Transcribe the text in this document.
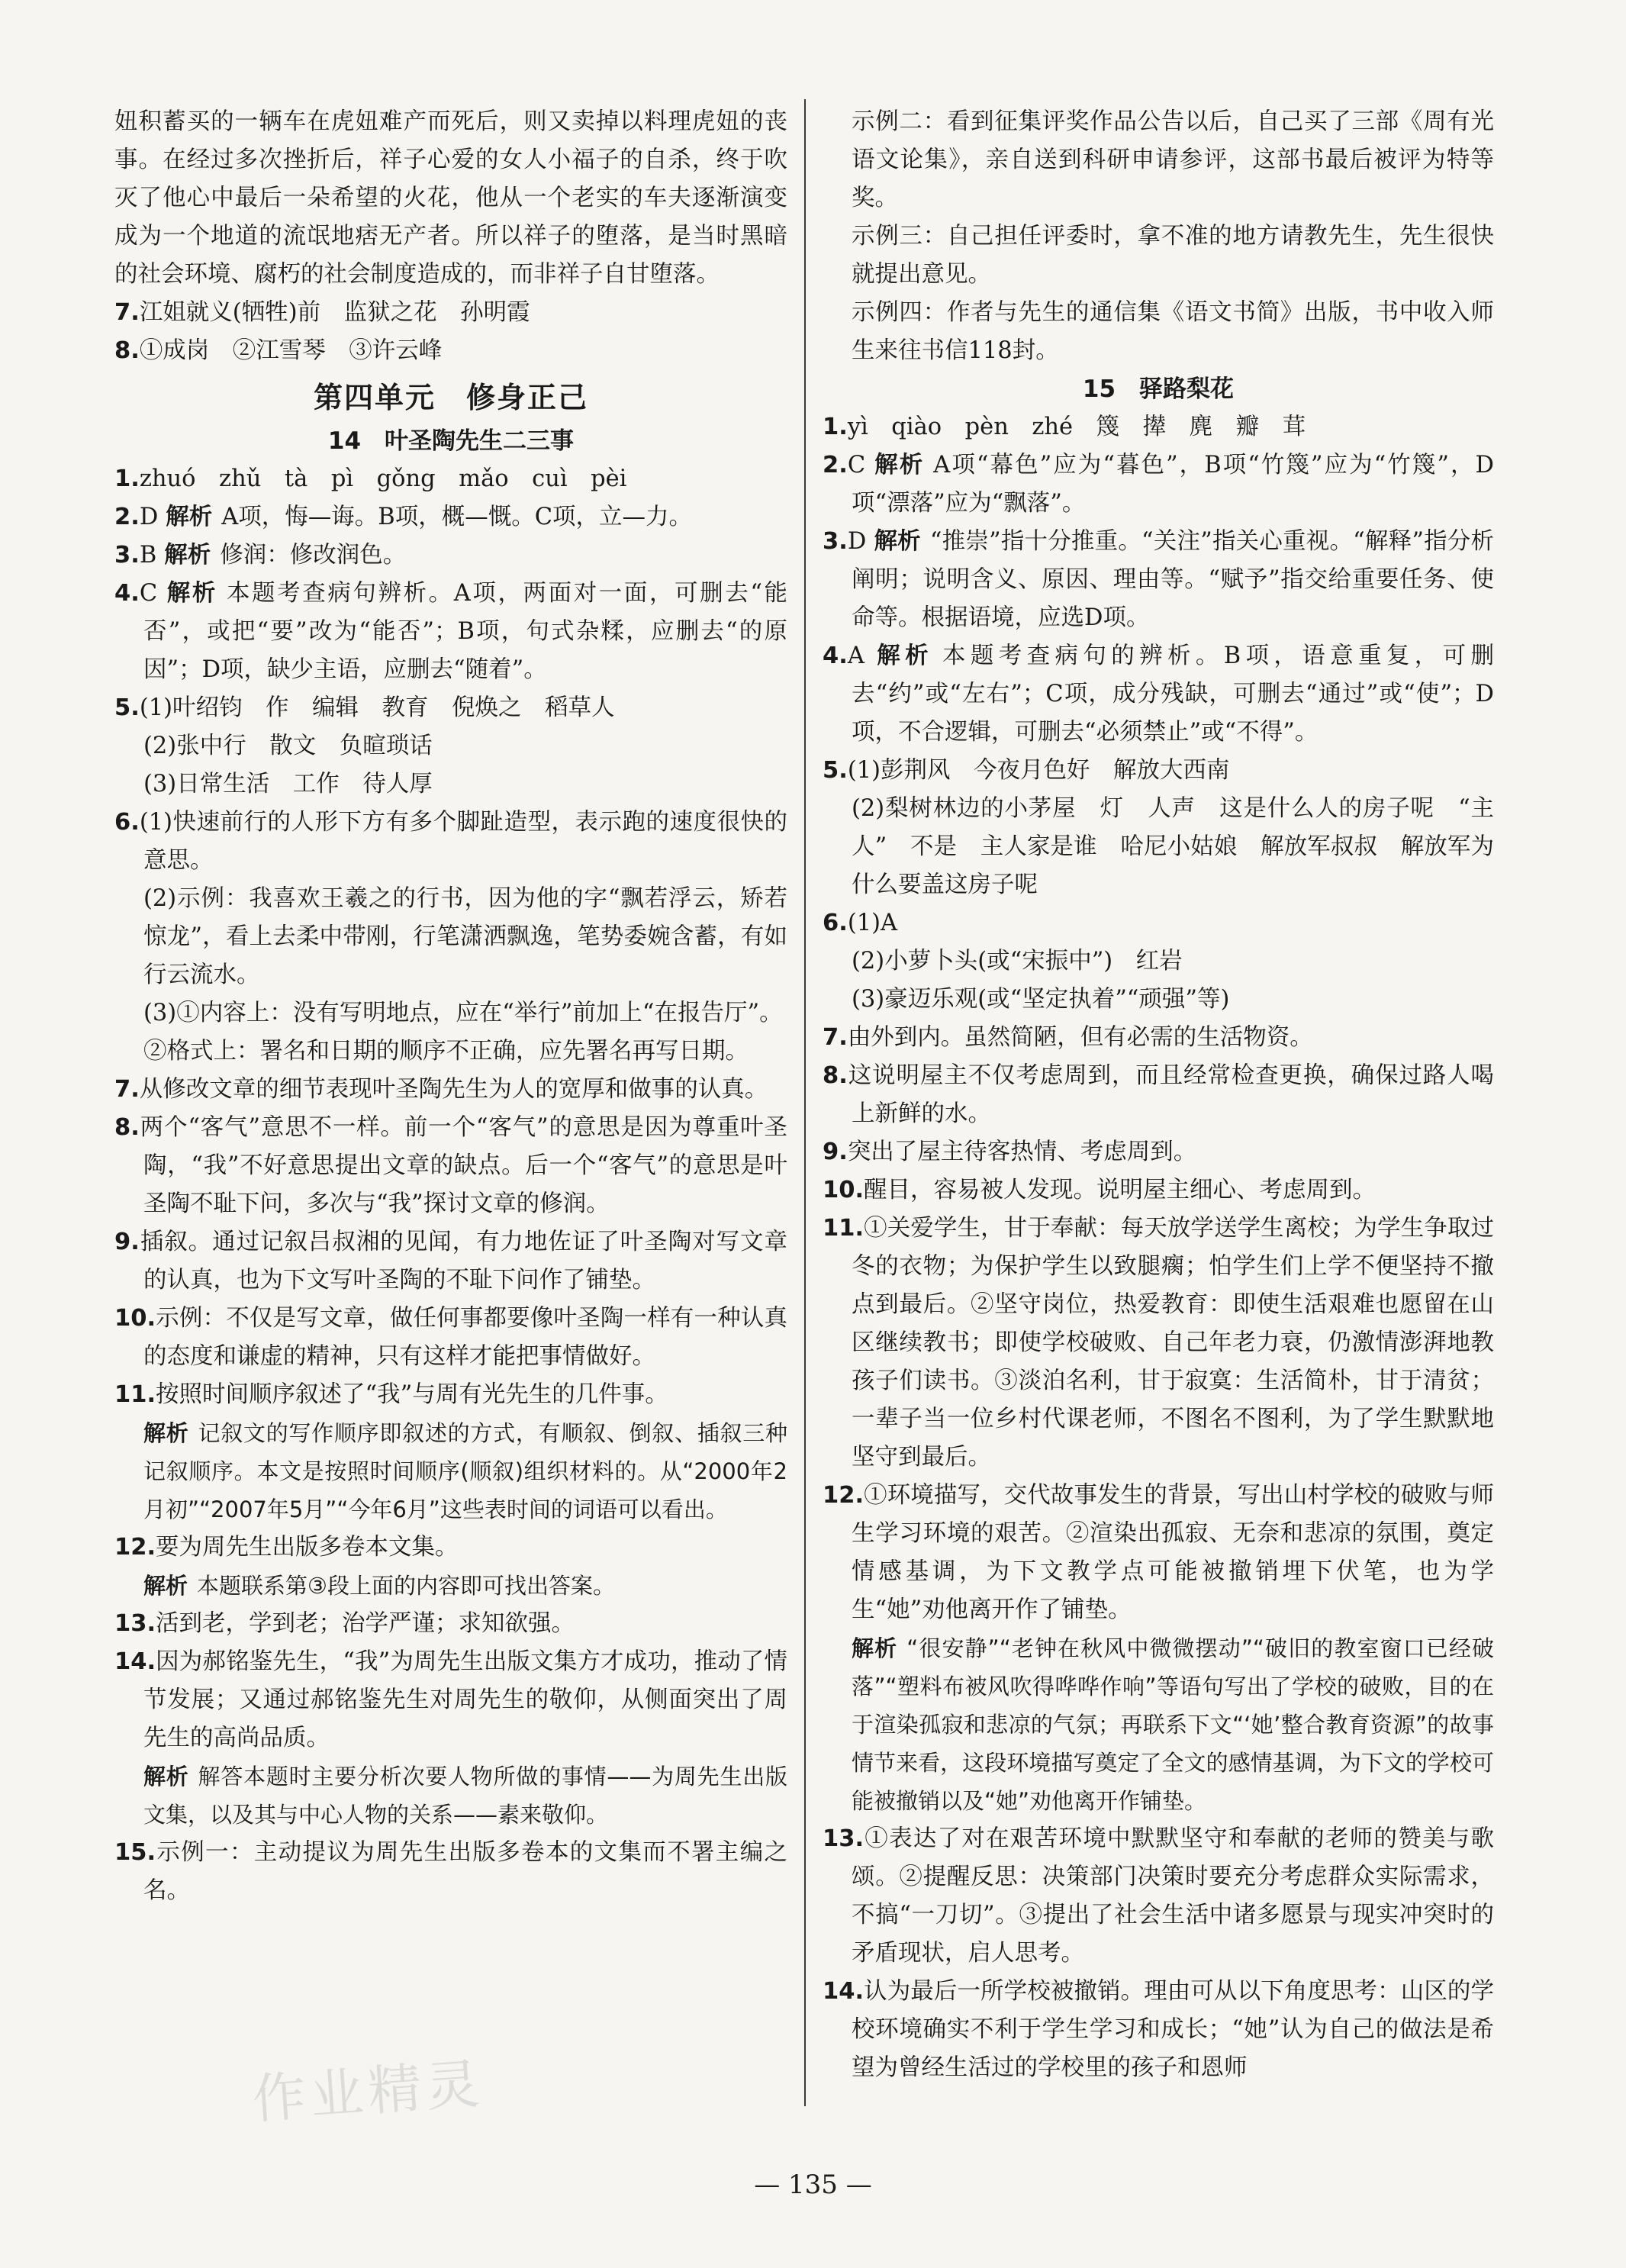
妞积蓄买的一辆车在虎妞难产而死后，则又卖掉以料理虎妞的丧事。在经过多次挫折后，祥子心爱的女人小福子的自杀，终于吹灭了他心中最后一朵希望的火花，他从一个老实的车夫逐渐演变成为一个地道的流氓地痞无产者。所以祥子的堕落，是当时黑暗的社会环境、腐朽的社会制度造成的，而非祥子自甘堕落。

7.江姐就义(牺牲)前　监狱之花　孙明霞

8.①成岗　②江雪琴　③许云峰

第四单元　修身正己

14　叶圣陶先生二三事

1.zhuó　zhǔ　tà　pì　gǒng　mǎo　cuì　pèi

2.D 解析 A项，悔—诲。B项，概—慨。C项，立—力。

3.B 解析 修润：修改润色。

4.C 解析 本题考查病句辨析。A项，两面对一面，可删去“能否”，或把“要”改为“能否”；B项，句式杂糅，应删去“的原因”；D项，缺少主语，应删去“随着”。

5.(1)叶绍钧　作　编辑　教育　倪焕之　稻草人

(2)张中行　散文　负暄琐话

(3)日常生活　工作　待人厚

6.(1)快速前行的人形下方有多个脚趾造型，表示跑的速度很快的意思。

(2)示例：我喜欢王羲之的行书，因为他的字“飘若浮云，矫若惊龙”，看上去柔中带刚，行笔潇洒飘逸，笔势委婉含蓄，有如行云流水。

(3)①内容上：没有写明地点，应在“举行”前加上“在报告厅”。

②格式上：署名和日期的顺序不正确，应先署名再写日期。

7.从修改文章的细节表现叶圣陶先生为人的宽厚和做事的认真。

8.两个“客气”意思不一样。前一个“客气”的意思是因为尊重叶圣陶，“我”不好意思提出文章的缺点。后一个“客气”的意思是叶圣陶不耻下问，多次与“我”探讨文章的修润。

9.插叙。通过记叙吕叔湘的见闻，有力地佐证了叶圣陶对写文章的认真，也为下文写叶圣陶的不耻下问作了铺垫。

10.示例：不仅是写文章，做任何事都要像叶圣陶一样有一种认真的态度和谦虚的精神，只有这样才能把事情做好。

11.按照时间顺序叙述了“我”与周有光先生的几件事。

解析 记叙文的写作顺序即叙述的方式，有顺叙、倒叙、插叙三种记叙顺序。本文是按照时间顺序(顺叙)组织材料的。从“2000年2月初”“2007年5月”“今年6月”这些表时间的词语可以看出。

12.要为周先生出版多卷本文集。

解析 本题联系第③段上面的内容即可找出答案。

13.活到老，学到老；治学严谨；求知欲强。

14.因为郝铭鉴先生，“我”为周先生出版文集方才成功，推动了情节发展；又通过郝铭鉴先生对周先生的敬仰，从侧面突出了周先生的高尚品质。

解析 解答本题时主要分析次要人物所做的事情——为周先生出版文集，以及其与中心人物的关系——素来敬仰。

15.示例一：主动提议为周先生出版多卷本的文集而不署主编之名。

示例二：看到征集评奖作品公告以后，自己买了三部《周有光语文论集》，亲自送到科研申请参评，这部书最后被评为特等奖。

示例三：自己担任评委时，拿不准的地方请教先生，先生很快就提出意见。

示例四：作者与先生的通信集《语文书简》出版，书中收入师生来往书信118封。

15　驿路梨花

1.yì　qiào　pèn　zhé　篾　撵　麂　瓣　茸

2.C 解析 A项“幕色”应为“暮色”，B项“竹篾”应为“竹篾”，D项“漂落”应为“飘落”。

3.D 解析 “推崇”指十分推重。“关注”指关心重视。“解释”指分析阐明；说明含义、原因、理由等。“赋予”指交给重要任务、使命等。根据语境，应选D项。

4.A 解析 本题考查病句的辨析。B项，语意重复，可删去“约”或“左右”；C项，成分残缺，可删去“通过”或“使”；D项，不合逻辑，可删去“必须禁止”或“不得”。

5.(1)彭荆风　今夜月色好　解放大西南

(2)梨树林边的小茅屋　灯　人声　这是什么人的房子呢　“主人”　不是　主人家是谁　哈尼小姑娘　解放军叔叔　解放军为什么要盖这房子呢

6.(1)A

(2)小萝卜头(或“宋振中”)　红岩

(3)豪迈乐观(或“坚定执着”“顽强”等)

7.由外到内。虽然简陋，但有必需的生活物资。

8.这说明屋主不仅考虑周到，而且经常检查更换，确保过路人喝上新鲜的水。

9.突出了屋主待客热情、考虑周到。

10.醒目，容易被人发现。说明屋主细心、考虑周到。

11.①关爱学生，甘于奉献：每天放学送学生离校；为学生争取过冬的衣物；为保护学生以致腿瘸；怕学生们上学不便坚持不撤点到最后。②坚守岗位，热爱教育：即使生活艰难也愿留在山区继续教书；即使学校破败、自己年老力衰，仍激情澎湃地教孩子们读书。③淡泊名利，甘于寂寞：生活简朴，甘于清贫；一辈子当一位乡村代课老师，不图名不图利，为了学生默默地坚守到最后。

12.①环境描写，交代故事发生的背景，写出山村学校的破败与师生学习环境的艰苦。②渲染出孤寂、无奈和悲凉的氛围，奠定情感基调，为下文教学点可能被撤销埋下伏笔，也为学生“她”劝他离开作了铺垫。

解析 “很安静”“老钟在秋风中微微摆动”“破旧的教室窗口已经破落”“塑料布被风吹得哗哗作响”等语句写出了学校的破败，目的在于渲染孤寂和悲凉的气氛；再联系下文“‘她’整合教育资源”的故事情节来看，这段环境描写奠定了全文的感情基调，为下文的学校可能被撤销以及“她”劝他离开作铺垫。

13.①表达了对在艰苦环境中默默坚守和奉献的老师的赞美与歌颂。②提醒反思：决策部门决策时要充分考虑群众实际需求，不搞“一刀切”。③提出了社会生活中诸多愿景与现实冲突时的矛盾现状，启人思考。

14.认为最后一所学校被撤销。理由可从以下角度思考：山区的学校环境确实不利于学生学习和成长；“她”认为自己的做法是希望为曾经生活过的学校里的孩子和恩师

作业精灵
— 135 —
